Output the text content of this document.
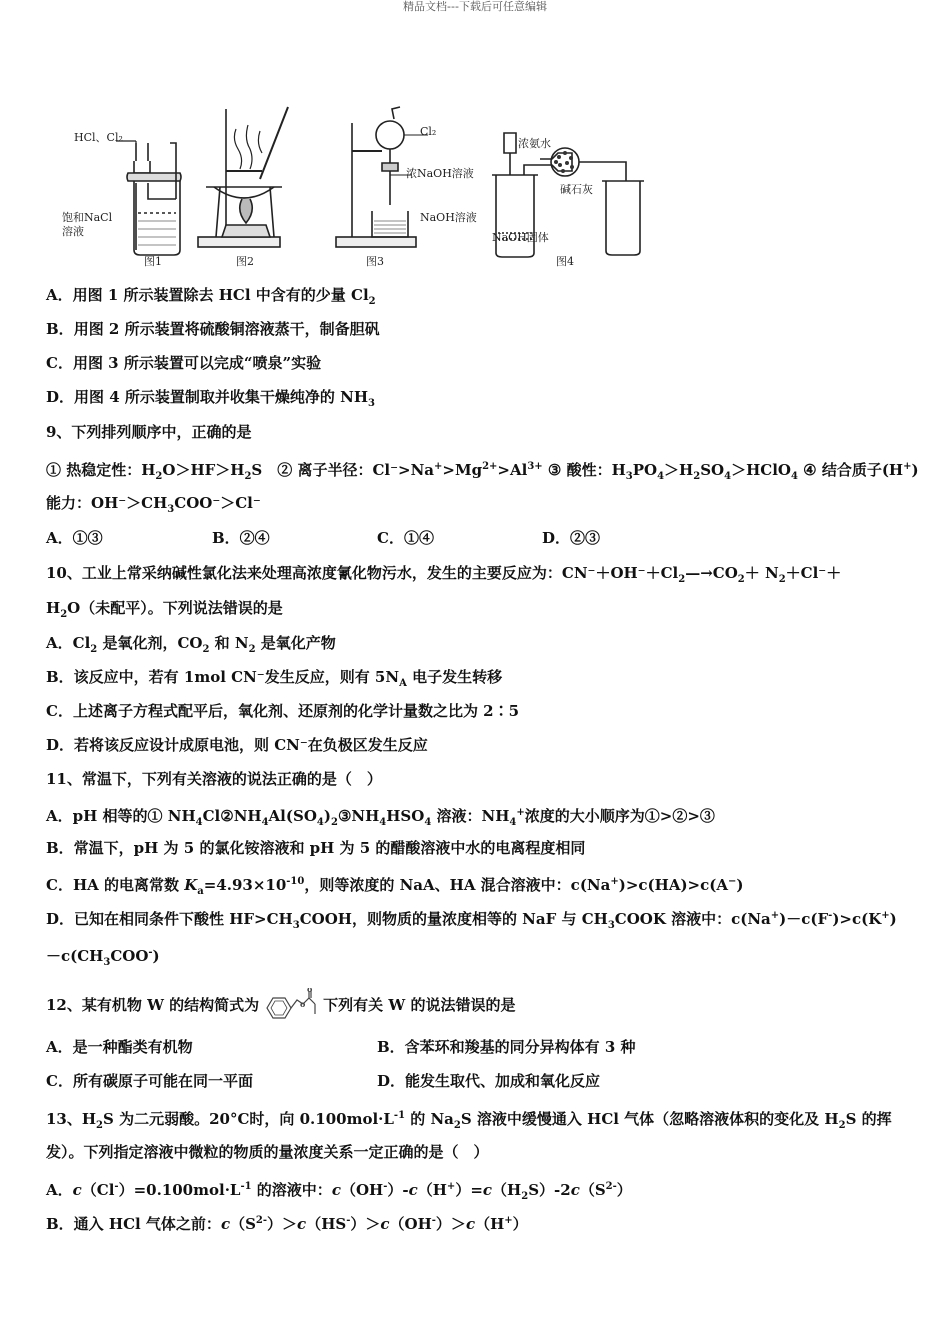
精品文档---下载后可任意编辑
HCl、Cl₂
饱和NaCl
溶液
图1	图2
Cl₂
浓NaOH溶液
NaOH溶液
图3
浓氨水
碱石灰
NaOH固体
图4
A．用图 1 所示装置除去 HCl 中含有的少量 $Cl_2$
B．用图 2 所示装置将硫酸铜溶液蒸干，制备胆矾
C．用图 3 所示装置可以完成“喷泉”实验
D．用图 4 所示装置制取并收集干燥纯净的 $NH_3$
9、下列排列顺序中，正确的是
① 热稳定性：$H_2O>HF>H_2S$　② 离子半径：$Cl^->Na^+>Mg^{2+}>Al^{3+}$ ③ 酸性：$H_3PO_4>H_2SO_4>HClO_4$ ④ 结合质子(H+)
能力：$OH^->CH_3COO^->Cl^-$
A．①③	B．②④	C．①④	D．②③
10、工业上常采纳碱性氯化法来处理高浓度氰化物污水，发生的主要反应为：$CN^-+OH^-+Cl_2—\to CO_2+ N_2+Cl^-+$
$H_2O$（未配平）。下列说法错误的是
A．$Cl_2$ 是氧化剂，$CO_2$ 和 $N_2$ 是氧化产物
B．该反应中，若有 1mol CN⁻发生反应，则有 $5N_A$ 电子发生转移
C．上述离子方程式配平后，氧化剂、还原剂的化学计量数之比为 2∶5
D．若将该反应设计成原电池，则 CN⁻在负极区发生反应
11、常温下，下列有关溶液的说法正确的是（　）
A．pH 相等的① $NH_4Cl②NH_4Al(SO_4)_2③NH_4HSO_4$ 溶液：$NH_4^+$浓度的大小顺序为①>②>③
B．常温下，pH 为 5 的氯化铵溶液和 pH 为 5 的醋酸溶液中水的电离程度相同
C．HA 的电离常数 $K_a=4.93\times 10^{-10}$，则等浓度的 NaA、HA 混合溶液中：c(Na+)>c(HA)>c(A−)
D．已知在相同条件下酸性 $HF>CH_3COOH$，则物质的量浓度相等的 NaF 与 $CH_3COOK$ 溶液中：c(Na+)－c(F-)>c(K+)
$-c(CH_3COO^-)$
12、某有机物 W 的结构简式为	o
o
下列有关 W 的说法错误的是
A．是一种酯类有机物	B．含苯环和羧基的同分异构体有 3 种
C．所有碳原子可能在同一平面	D．能发生取代、加成和氧化反应
13、$H_2S$ 为二元弱酸。20°C时，向 $0.100mol\cdot L^{-1}$ 的 $Na_2S$ 溶液中缓慢通入 HCl 气体（忽略溶液体积的变化及 $H_2S$ 的挥
发）。下列指定溶液中微粒的物质的量浓度关系一定正确的是（　）
A．$c(Cl^-)=0.100mol\cdot L^{-1}$ 的溶液中：$c(OH^-)-c(H^+)=c(H_2S)-2c(S^{2-})$
B．通入 HCl 气体之前：$c(S^{2-})>c(HS^-)>c(OH^-)>c(H^+)$
